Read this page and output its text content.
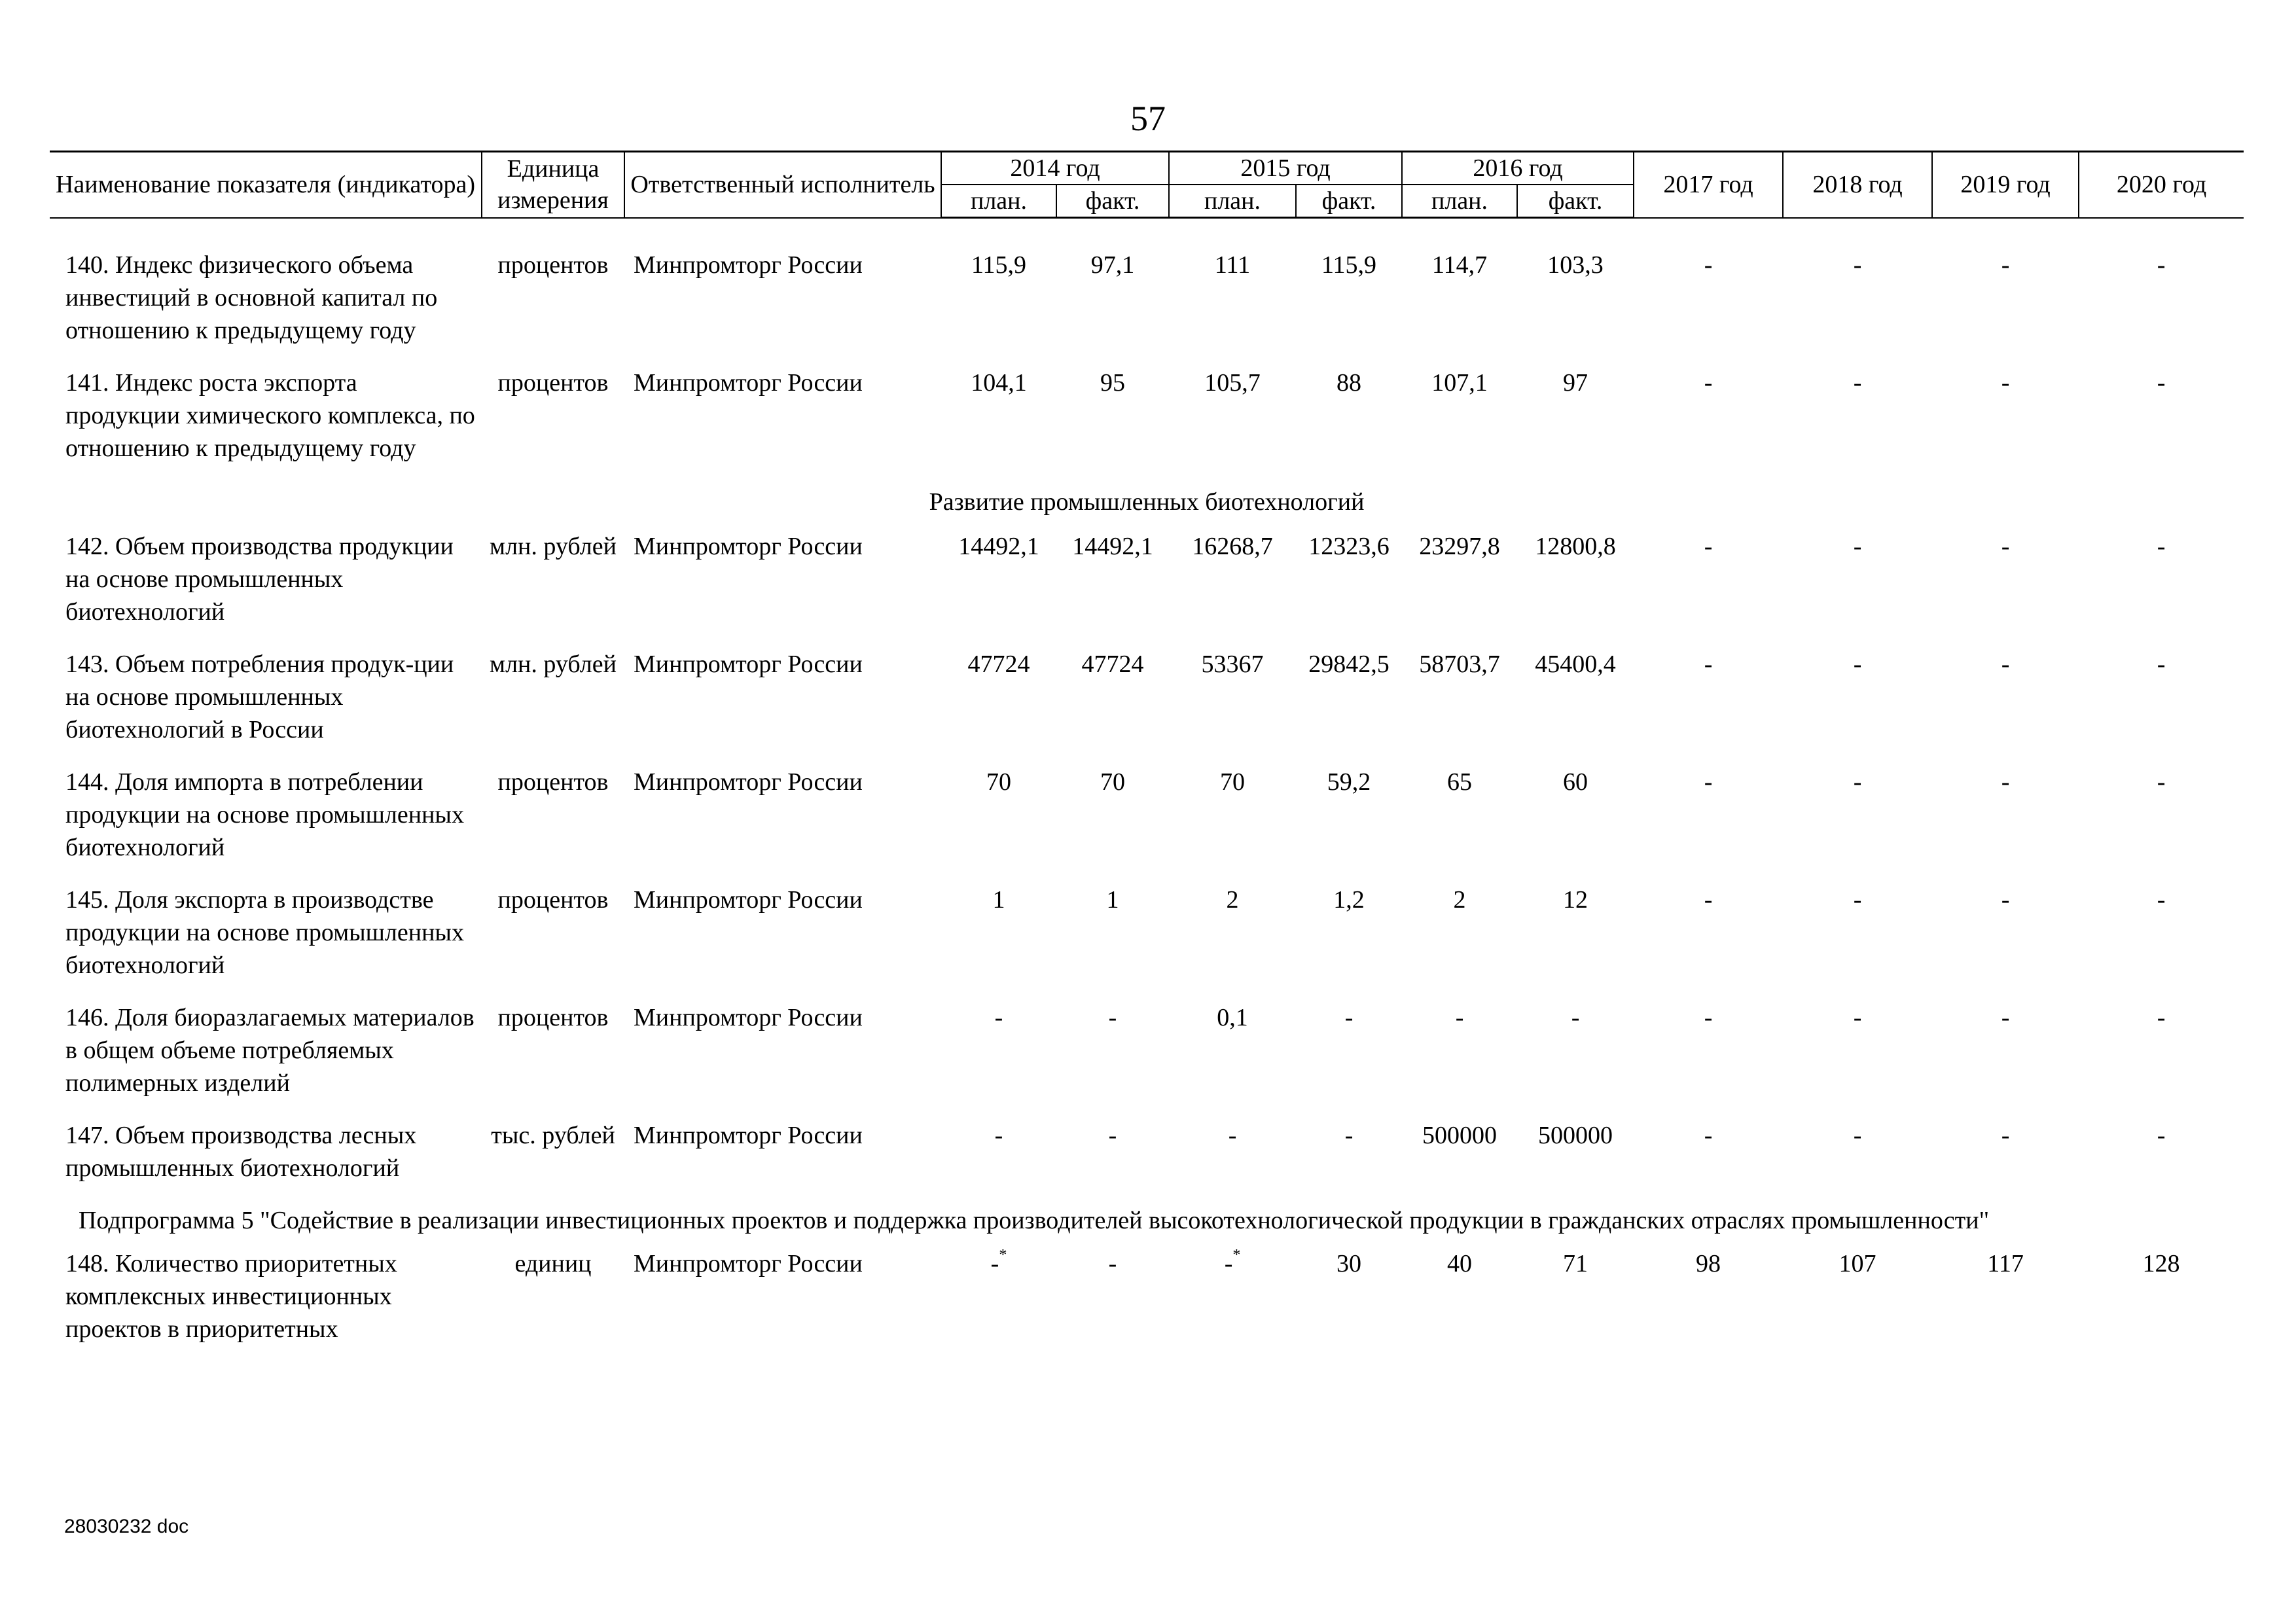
57
Наименование показателя (индикатора)	Единица измерения	Ответственный исполнитель	2014 год		2015 год		2016 год		2017 год	2018 год	2019 год	2020 год
			план.	факт.	план.	факт.	план.	факт.				

140. Индекс физического объема инвестиций в основной капитал по отношению к предыдущему году	процентов	Минпромторг России	115,9	97,1	111	115,9	114,7	103,3	-	-	-	-
141. Индекс роста экспорта продукции химического комплекса, по отношению к предыдущему году	процентов	Минпромторг России	104,1	95	105,7	88	107,1	97	-	-	-	-
Развитие промышленных биотехнологий												
142. Объем производства продукции на основе промышленных биотехнологий	млн. рублей	Минпромторг России	14492,1	14492,1	16268,7	12323,6	23297,8	12800,8	-	-	-	-
143. Объем потребления продук-ции на основе промышленных биотехнологий в России	млн. рублей	Минпромторг России	47724	47724	53367	29842,5	58703,7	45400,4	-	-	-	-
144. Доля импорта в потреблении продукции на основе промышленных биотехнологий	процентов	Минпромторг России	70	70	70	59,2	65	60	-	-	-	-
145. Доля экспорта в производстве продукции на основе промышленных биотехнологий	процентов	Минпромторг России	1	1	2	1,2	2	12	-	-	-	-
146. Доля биоразлагаемых материалов в общем объеме потребляемых полимерных изделий	процентов	Минпромторг России	-	-	0,1	-	-	-	-	-	-	-
147. Объем производства лесных промышленных биотехнологий	тыс. рублей	Минпромторг России	-	-	-	-	500000	500000	-	-	-	-
Подпрограмма 5 "Содействие в реализации инвестиционных проектов и поддержка производителей высокотехнологической продукции в гражданских отраслях промышленности"												
148. Количество приоритетных комплексных инвестиционных проектов в приоритетных	единиц	Минпромторг России	-*	-	-*	30	40	71	98	107	117	128
28030232 doc
